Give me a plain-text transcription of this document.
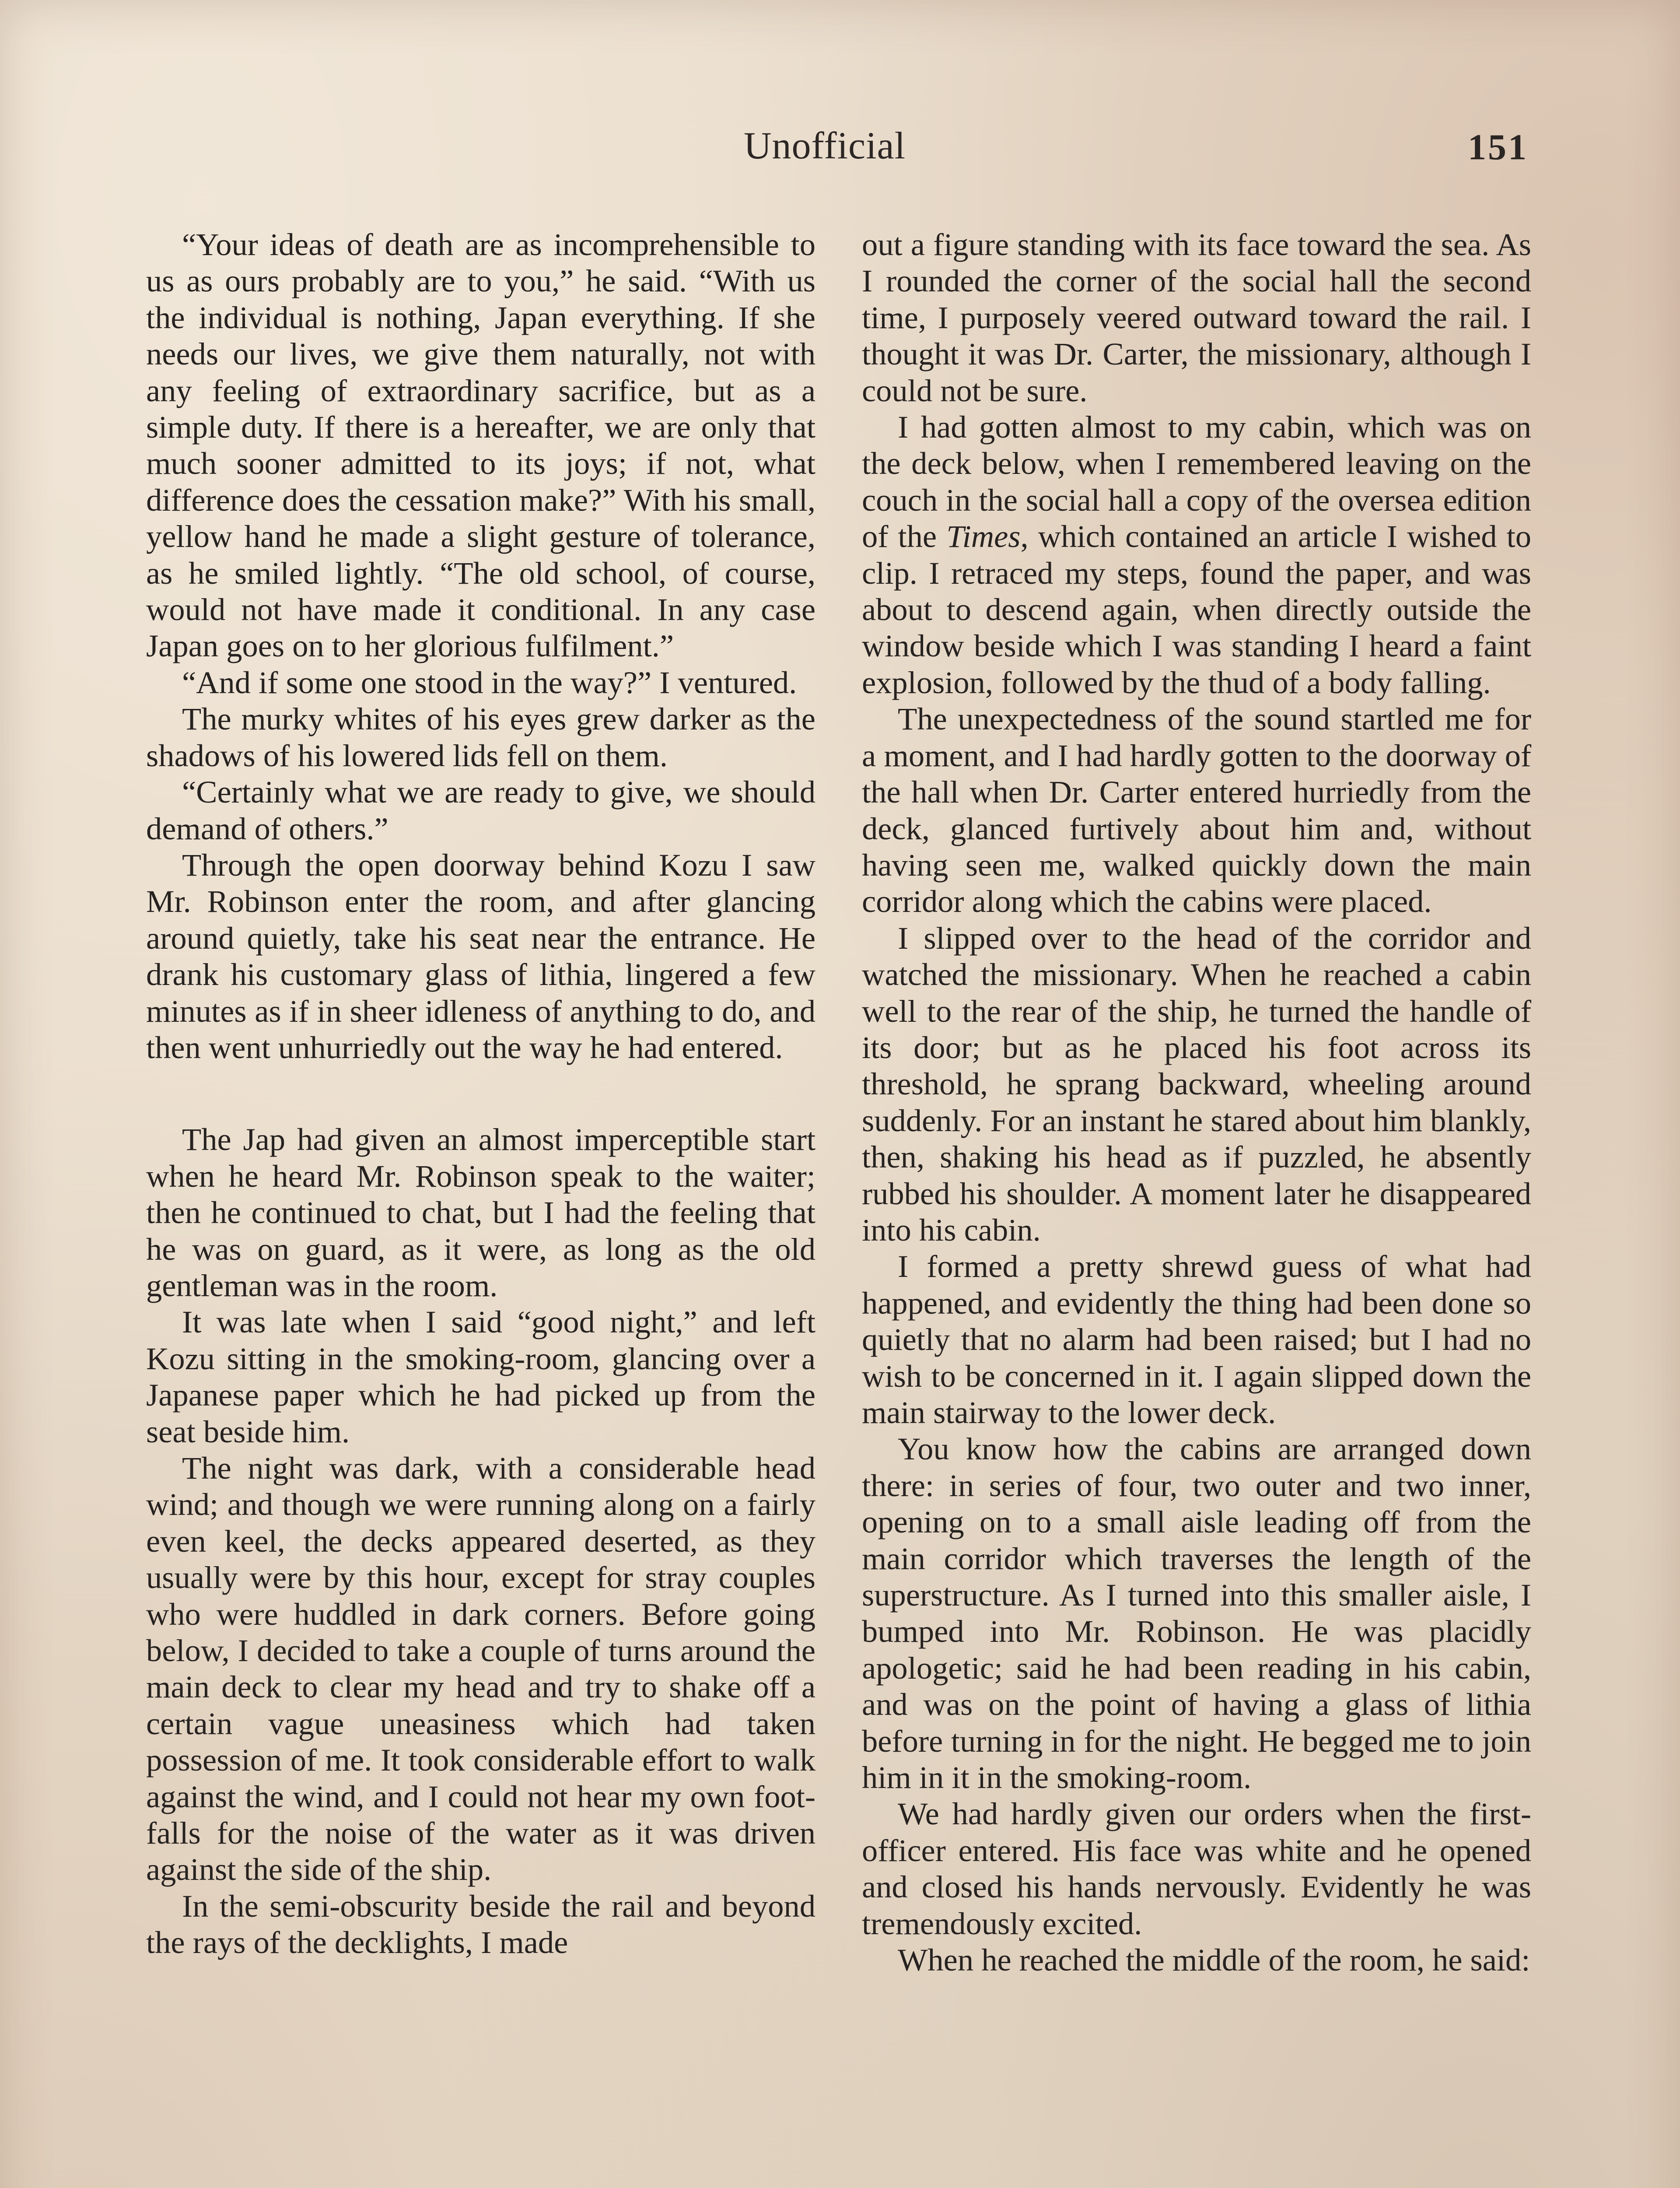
Unofficial	151

“Your ideas of death are as incomprehensible to us as ours probably are to you,” he said. “With us the individual is nothing, Japan everything. If she needs our lives, we give them naturally, not with any feeling of extraordinary sacrifice, but as a simple duty. If there is a hereafter, we are only that much sooner admitted to its joys; if not, what difference does the cessation make?” With his small, yellow hand he made a slight gesture of tolerance, as he smiled lightly. “The old school, of course, would not have made it conditional. In any case Japan goes on to her glorious fulfilment.”

“And if some one stood in the way?” I ventured.

The murky whites of his eyes grew darker as the shadows of his lowered lids fell on them.

“Certainly what we are ready to give, we should demand of others.”

Through the open doorway behind Kozu I saw Mr. Robinson enter the room, and after glancing around quietly, take his seat near the entrance. He drank his customary glass of lithia, lingered a few minutes as if in sheer idleness of anything to do, and then went unhurriedly out the way he had entered.

The Jap had given an almost imperceptible start when he heard Mr. Robinson speak to the waiter; then he continued to chat, but I had the feeling that he was on guard, as it were, as long as the old gentleman was in the room.

It was late when I said “good night,” and left Kozu sitting in the smoking-room, glancing over a Japanese paper which he had picked up from the seat beside him.

The night was dark, with a considerable head wind; and though we were running along on a fairly even keel, the decks appeared deserted, as they usually were by this hour, except for stray couples who were huddled in dark corners. Before going below, I decided to take a couple of turns around the main deck to clear my head and try to shake off a certain vague uneasiness which had taken possession of me. It took considerable effort to walk against the wind, and I could not hear my own footfalls for the noise of the water as it was driven against the side of the ship.

In the semi-obscurity beside the rail and beyond the rays of the decklights, I made

out a figure standing with its face toward the sea. As I rounded the corner of the social hall the second time, I purposely veered outward toward the rail. I thought it was Dr. Carter, the missionary, although I could not be sure.

I had gotten almost to my cabin, which was on the deck below, when I remembered leaving on the couch in the social hall a copy of the oversea edition of the Times, which contained an article I wished to clip. I retraced my steps, found the paper, and was about to descend again, when directly outside the window beside which I was standing I heard a faint explosion, followed by the thud of a body falling.

The unexpectedness of the sound startled me for a moment, and I had hardly gotten to the doorway of the hall when Dr. Carter entered hurriedly from the deck, glanced furtively about him and, without having seen me, walked quickly down the main corridor along which the cabins were placed.

I slipped over to the head of the corridor and watched the missionary. When he reached a cabin well to the rear of the ship, he turned the handle of its door; but as he placed his foot across its threshold, he sprang backward, wheeling around suddenly. For an instant he stared about him blankly, then, shaking his head as if puzzled, he absently rubbed his shoulder. A moment later he disappeared into his cabin.

I formed a pretty shrewd guess of what had happened, and evidently the thing had been done so quietly that no alarm had been raised; but I had no wish to be concerned in it. I again slipped down the main stairway to the lower deck.

You know how the cabins are arranged down there: in series of four, two outer and two inner, opening on to a small aisle leading off from the main corridor which traverses the length of the superstructure. As I turned into this smaller aisle, I bumped into Mr. Robinson. He was placidly apologetic; said he had been reading in his cabin, and was on the point of having a glass of lithia before turning in for the night. He begged me to join him in it in the smoking-room.

We had hardly given our orders when the first-officer entered. His face was white and he opened and closed his hands nervously. Evidently he was tremendously excited.

When he reached the middle of the room, he said:
